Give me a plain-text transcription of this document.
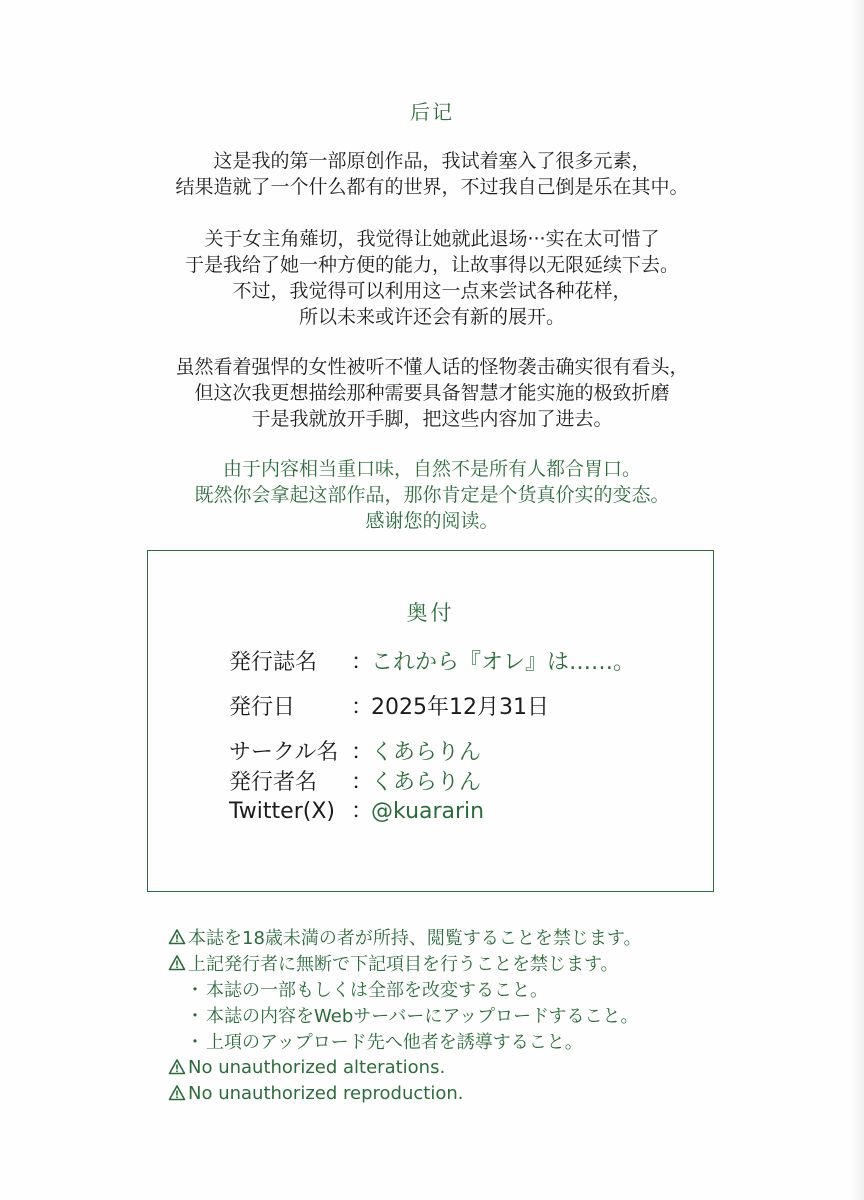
后记

这是我的第一部原创作品，我试着塞入了很多元素，
结果造就了一个什么都有的世界，不过我自己倒是乐在其中。

关于女主角薙切，我觉得让她就此退场···实在太可惜了
于是我给了她一种方便的能力，让故事得以无限延续下去。
不过，我觉得可以利用这一点来尝试各种花样，
所以未来或许还会有新的展开。

虽然看着强悍的女性被听不懂人话的怪物袭击确实很有看头，
但这次我更想描绘那种需要具备智慧才能实施的极致折磨
于是我就放开手脚，把这些内容加了进去。

由于内容相当重口味，自然不是所有人都合胃口。
既然你会拿起这部作品，那你肯定是个货真价实的变态。
感谢您的阅读。

奥付
発行誌名 ：これから『オレ』は……。
発行日	：2025年12月31日
サークル名 ：くあらりん
発行者名 ：くあらりん
Twitter(X) ：@kuararin
本誌を18歳未満の者が所持、閲覧することを禁じます。
上記発行者に無断で下記項目を行うことを禁じます。
・ 本誌の一部もしくは全部を改変すること。
・ 本誌の内容をWebサーバーにアップロードすること。
・ 上項のアップロード先へ他者を誘導すること。
No unauthorized alterations.
No unauthorized reproduction.
